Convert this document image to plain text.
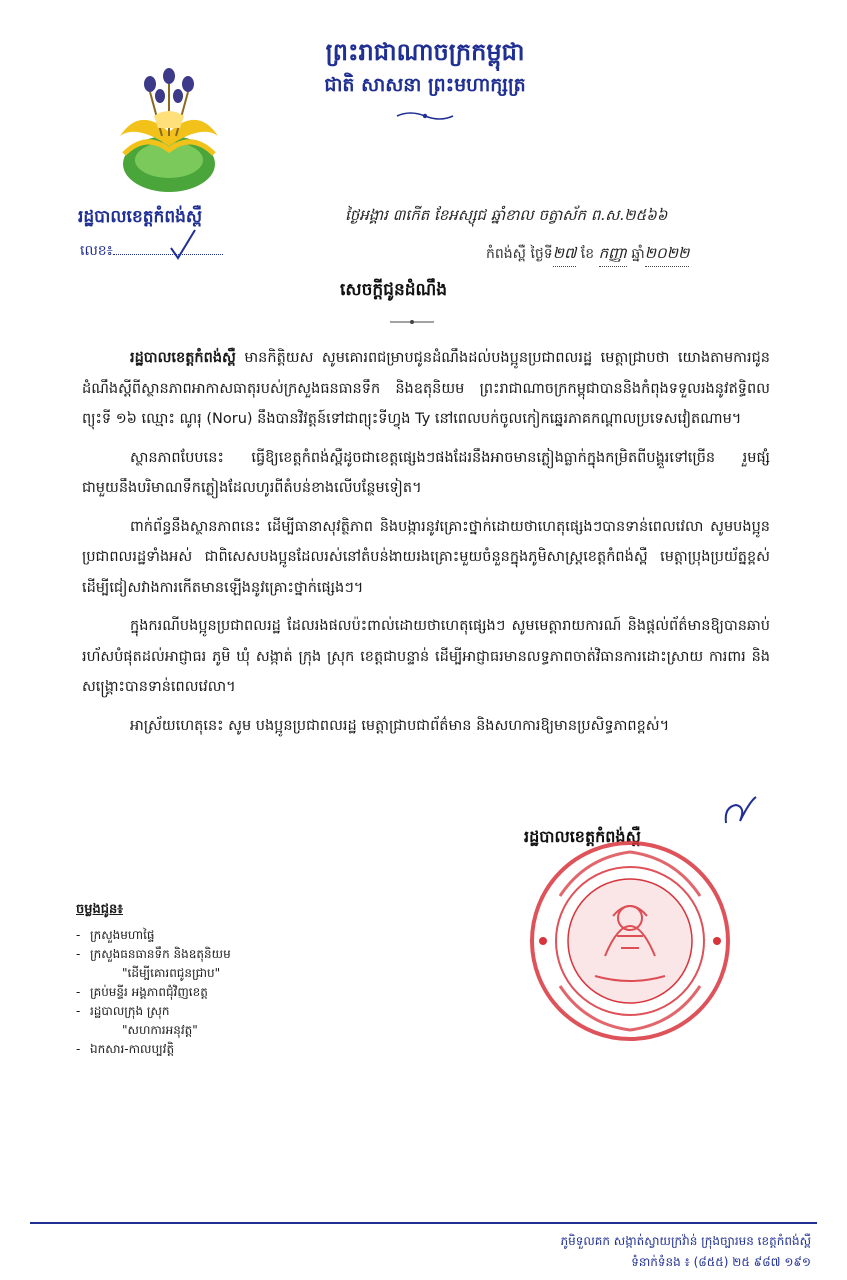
ព្រះរាជាណាចក្រកម្ពុជា
ជាតិ សាសនា ព្រះមហាក្សត្រ
រដ្ឋបាលខេត្តកំពង់ស្ពឺ
លេខ៖
ថ្ងៃអង្គារ ៣កើត ខែអស្សុជ ឆ្នាំខាល ចត្វាស័ក ព.ស.២៥៦៦
កំពង់ស្ពឺ ថ្ងៃទី២៧ ខែ កញ្ញា ឆ្នាំ២០២២
សេចក្តីជូនដំណឹង

រដ្ឋបាលខេត្តកំពង់ស្ពឺ មានកិត្តិយស សូមគោរពជម្រាបជូនដំណឹងដល់បងប្អូនប្រជាពលរដ្ឋ មេត្តាជ្រាបថា យោងតាមការជូនដំណឹងស្តីពីស្ថានភាពអាកាសធាតុរបស់ក្រសួងធនធានទឹក និងឧតុនិយម ព្រះរាជាណាចក្រកម្ពុជាបាននិងកំពុងទទួលរងនូវឥទ្ធិពលព្យុះទី ១៦ ឈ្មោះ ណូរុ (Noru) នឹងបានវិវត្តន៍ទៅជាព្យុះទីហ្វុង Ty នៅពេលបក់ចូលកៀកឆ្នេរភាគកណ្តាលប្រទេសវៀតណាម។

ស្ថានភាពបែបនេះ ធ្វើឱ្យខេត្តកំពង់ស្ពឺដូចជាខេត្តផ្សេងៗផងដែរនឹងអាចមានភ្លៀងធ្លាក់ក្នុងកម្រិតពីបង្គួរទៅច្រើន រួមផ្សំជាមួយនឹងបរិមាណទឹកភ្លៀងដែលហូរពីតំបន់ខាងលើបន្ថែមទៀត។

ពាក់ព័ន្ធនឹងស្ថានភាពនេះ ដើម្បីធានាសុវត្ថិភាព និងបង្ការនូវគ្រោះថ្នាក់ដោយថាហេតុផ្សេងៗបានទាន់ពេលវេលា សូមបងប្អូនប្រជាពលរដ្ឋទាំងអស់ ជាពិសេសបងប្អូនដែលរស់នៅតំបន់ងាយរងគ្រោះមួយចំនួនក្នុងភូមិសាស្ត្រខេត្តកំពង់ស្ពឺ មេត្តាប្រុងប្រយ័ត្នខ្ពស់ ដើម្បីជៀសវាងការកើតមានឡើងនូវគ្រោះថ្នាក់ផ្សេងៗ។

ក្នុងករណីបងប្អូនប្រជាពលរដ្ឋ ដែលរងផលប៉ះពាល់ដោយថាហេតុផ្សេងៗ សូមមេត្តារាយការណ៍ និងផ្តល់ព័ត៌មានឱ្យបានឆាប់រហ័សបំផុតដល់អាជ្ញាធរ ភូមិ ឃុំ សង្កាត់ ក្រុង ស្រុក ខេត្តជាបន្ទាន់ ដើម្បីអាជ្ញាធរមានលទ្ធភាពចាត់វិធានការដោះស្រាយ ការពារ និងសង្គ្រោះបានទាន់ពេលវេលា។

អាស្រ័យហេតុនេះ សូម បងប្អូនប្រជាពលរដ្ឋ មេត្តាជ្រាបជាព័ត៌មាន និងសហការឱ្យមានប្រសិទ្ធភាពខ្ពស់។

រដ្ឋបាលខេត្តកំពង់ស្ពឺ
ចម្លងជូន៖
- ក្រសួងមហាផ្ទៃ
- ក្រសួងធនធានទឹក និងឧតុនិយម
"ដើម្បីគោរពជូនជ្រាប"
- គ្រប់មន្ទីរ អង្គភាពជុំវិញខេត្ត
- រដ្ឋបាលក្រុង ស្រុក
"សហការអនុវត្ត"
- ឯកសារ-កាលប្បវត្តិ
ភូមិទួលគក សង្កាត់ស្វាយក្រវ៉ាន់ ក្រុងច្បារមន ខេត្តកំពង់ស្ពឺ
ទំនាក់ទំនង ៖ (៨៥៥) ២៥ ៩៨៧ ១៩១
